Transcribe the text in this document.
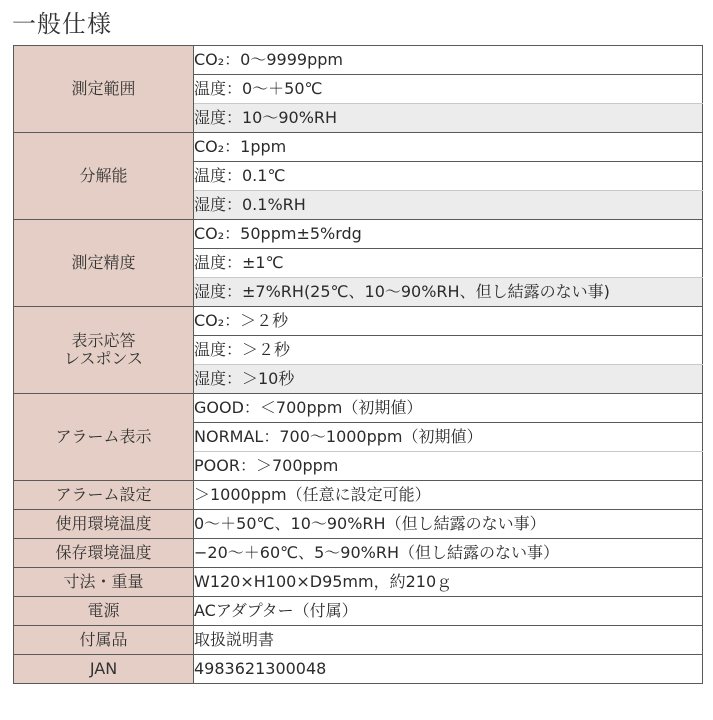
一般仕様
測定範囲	CO₂：0〜9999ppm
	温度：0〜＋50℃
	湿度：10〜90%RH

分解能	CO₂：1ppm
	温度：0.1℃
	湿度：0.1%RH

測定精度	CO₂：50ppm±5%rdg
	温度：±1℃
	湿度：±7%RH(25℃、10〜90%RH、但し結露のない事)

表示応答
レスポンス	CO₂：＞２秒
	温度：＞２秒
	湿度：＞10秒

アラーム表示	GOOD：＜700ppm（初期値）
	NORMAL：700〜1000ppm（初期値）
	POOR：＞700ppm
アラーム設定	＞1000ppm（任意に設定可能）
使用環境温度	0〜＋50℃、10〜90%RH（但し結露のない事）
保存環境温度	−20〜＋60℃、5〜90%RH（但し結露のない事）
寸法・重量	W120×H100×D95mm，約210ｇ
電源	ACアダプター（付属）
付属品	取扱説明書
JAN	4983621300048
